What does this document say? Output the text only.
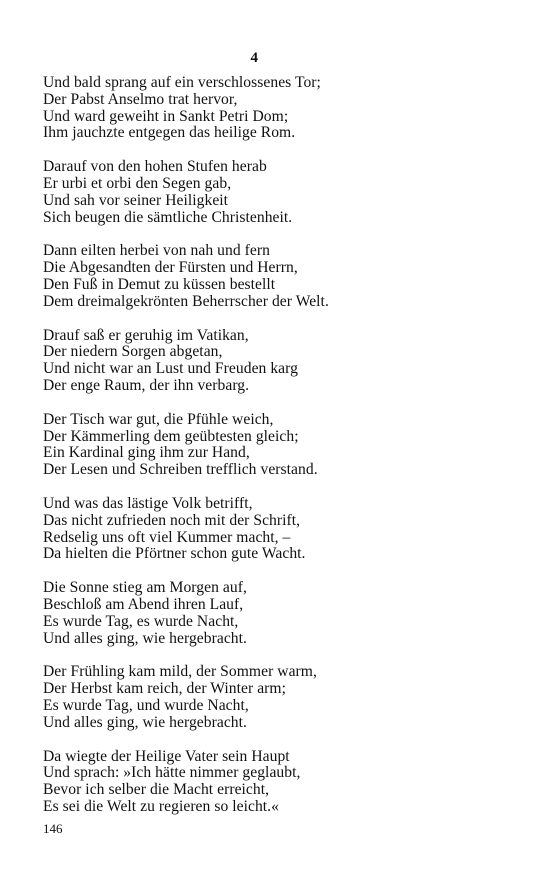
4
Und bald sprang auf ein verschlossenes Tor;
Der Pabst Anselmo trat hervor,
Und ward geweiht in Sankt Petri Dom;
Ihm jauchzte entgegen das heilige Rom.
Darauf von den hohen Stufen herab
Er urbi et orbi den Segen gab,
Und sah vor seiner Heiligkeit
Sich beugen die sämtliche Christenheit.
Dann eilten herbei von nah und fern
Die Abgesandten der Fürsten und Herrn,
Den Fuß in Demut zu küssen bestellt
Dem dreimalgekrönten Beherrscher der Welt.
Drauf saß er geruhig im Vatikan,
Der niedern Sorgen abgetan,
Und nicht war an Lust und Freuden karg
Der enge Raum, der ihn verbarg.
Der Tisch war gut, die Pfühle weich,
Der Kämmerling dem geübtesten gleich;
Ein Kardinal ging ihm zur Hand,
Der Lesen und Schreiben trefflich verstand.
Und was das lästige Volk betrifft,
Das nicht zufrieden noch mit der Schrift,
Redselig uns oft viel Kummer macht, –
Da hielten die Pförtner schon gute Wacht.
Die Sonne stieg am Morgen auf,
Beschloß am Abend ihren Lauf,
Es wurde Tag, es wurde Nacht,
Und alles ging, wie hergebracht.
Der Frühling kam mild, der Sommer warm,
Der Herbst kam reich, der Winter arm;
Es wurde Tag, und wurde Nacht,
Und alles ging, wie hergebracht.
Da wiegte der Heilige Vater sein Haupt
Und sprach: »Ich hätte nimmer geglaubt,
Bevor ich selber die Macht erreicht,
Es sei die Welt zu regieren so leicht.«
146
